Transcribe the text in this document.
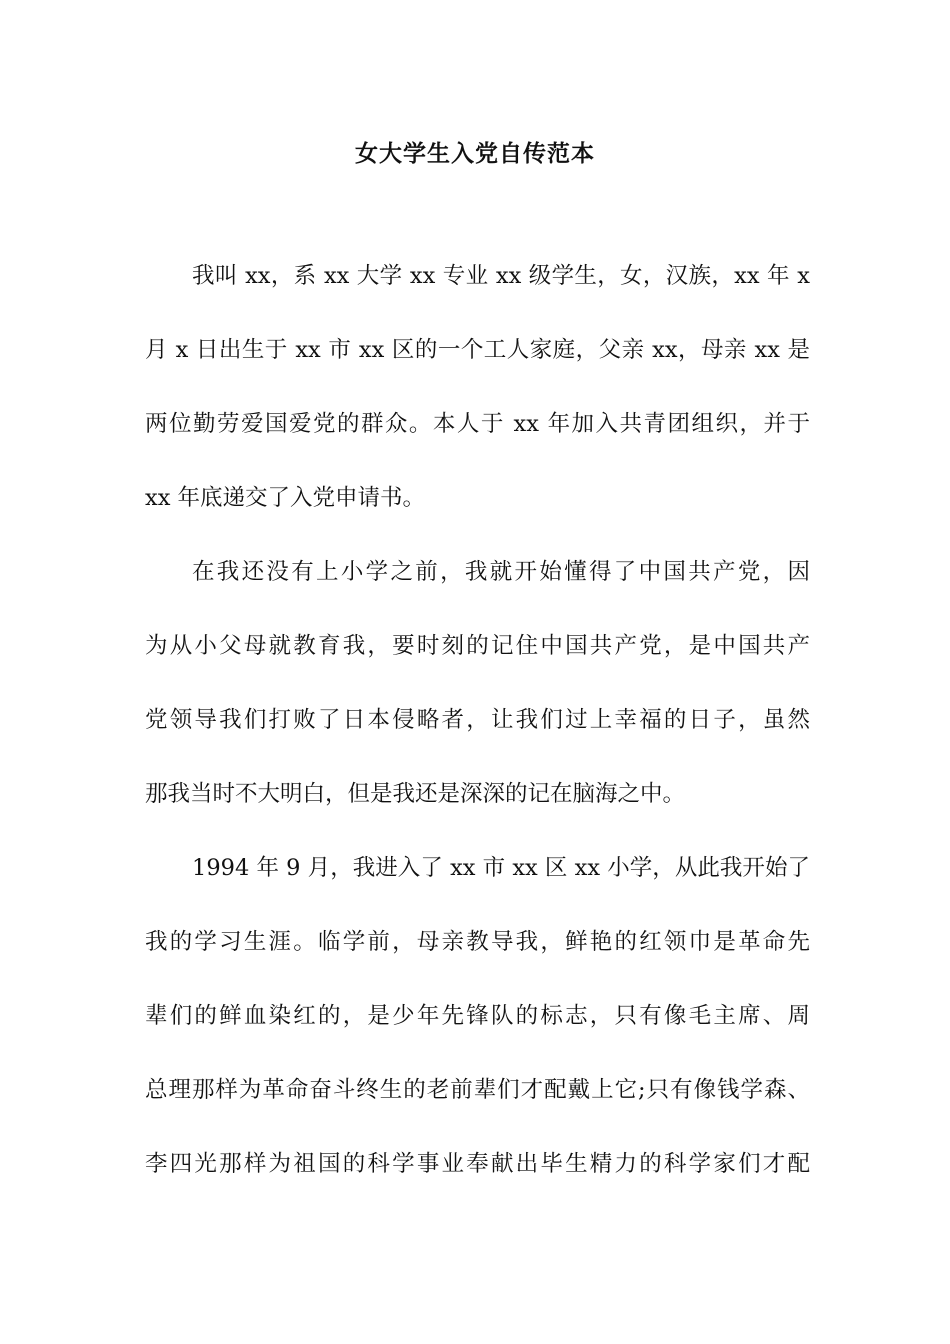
女大学生入党自传范本
我叫 xx，系 xx 大学 xx 专业 xx 级学生，女，汉族，xx 年 x
月 x 日出生于 xx 市 xx 区的一个工人家庭，父亲 xx，母亲 xx 是
两位勤劳爱国爱党的群众。本人于 xx 年加入共青团组织，并于
xx 年底递交了入党申请书。
在我还没有上小学之前，我就开始懂得了中国共产党，因
为从小父母就教育我，要时刻的记住中国共产党，是中国共产
党领导我们打败了日本侵略者，让我们过上幸福的日子，虽然
那我当时不大明白，但是我还是深深的记在脑海之中。
1994 年 9 月，我进入了 xx 市 xx 区 xx 小学，从此我开始了
我的学习生涯。临学前，母亲教导我，鲜艳的红领巾是革命先
辈们的鲜血染红的，是少年先锋队的标志，只有像毛主席、周
总理那样为革命奋斗终生的老前辈们才配戴上它;只有像钱学森、
李四光那样为祖国的科学事业奉献出毕生精力的科学家们才配
